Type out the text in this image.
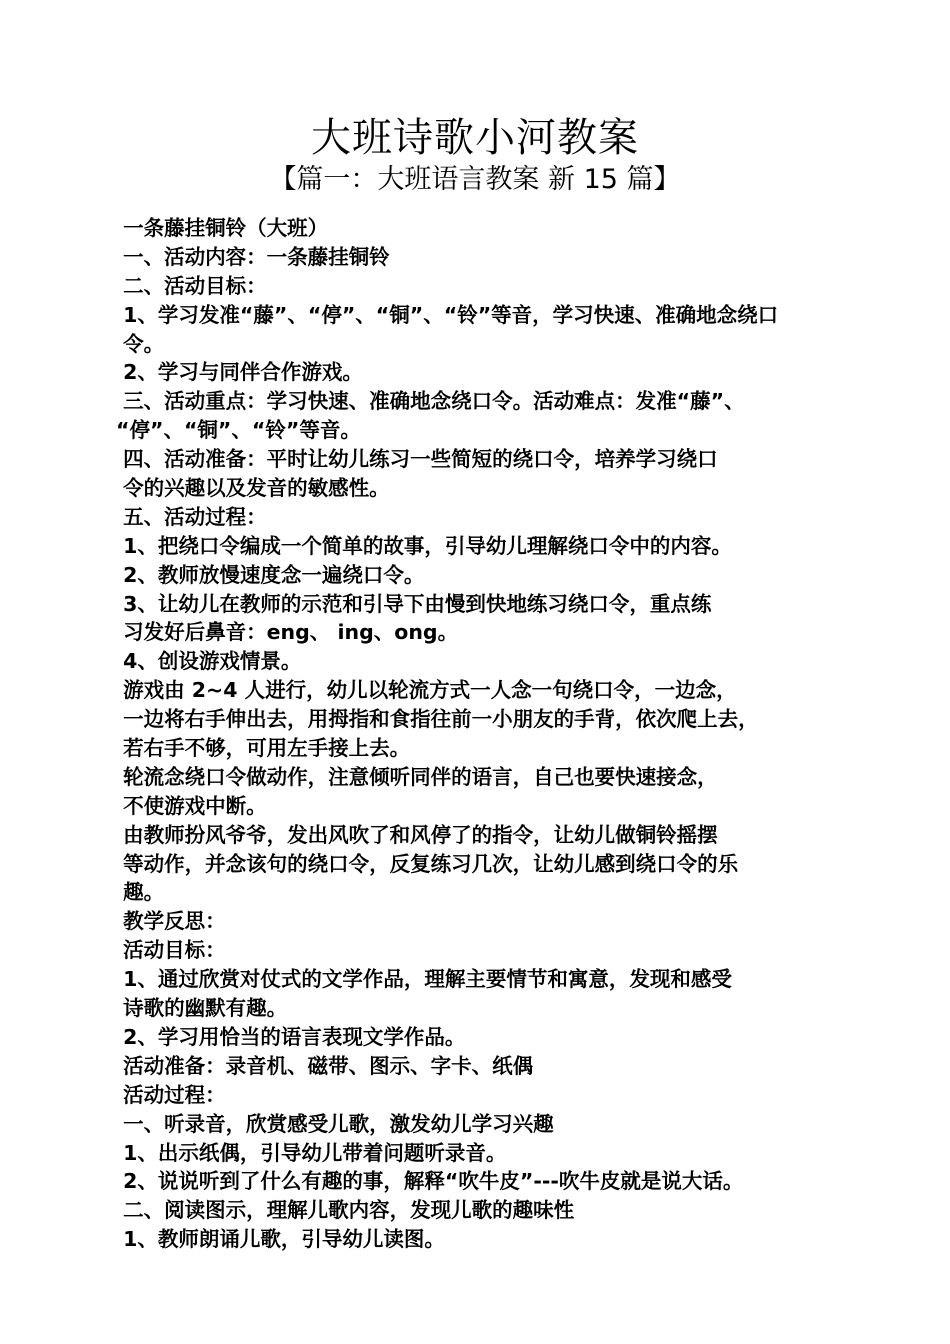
大班诗歌小河教案
【篇一：大班语言教案 新 15 篇】
一条藤挂铜铃（大班）
一、活动内容：一条藤挂铜铃
二、活动目标：
1、学习发准“藤”、“停”、“铜”、“铃”等音，学习快速、准确地念绕口
令。
2、学习与同伴合作游戏。
三、活动重点：学习快速、准确地念绕口令。活动难点：发准“藤”、
“停”、“铜”、“铃”等音。
四、活动准备：平时让幼儿练习一些简短的绕口令，培养学习绕口
令的兴趣以及发音的敏感性。
五、活动过程：
1、把绕口令编成一个简单的故事，引导幼儿理解绕口令中的内容。
2、教师放慢速度念一遍绕口令。
3、让幼儿在教师的示范和引导下由慢到快地练习绕口令，重点练
习发好后鼻音：eng、 ing、ong。
4、创设游戏情景。
游戏由 2~4 人进行，幼儿以轮流方式一人念一句绕口令，一边念，
一边将右手伸出去，用拇指和食指往前一小朋友的手背，依次爬上去，
若右手不够，可用左手接上去。
轮流念绕口令做动作，注意倾听同伴的语言，自己也要快速接念，
不使游戏中断。
由教师扮风爷爷，发出风吹了和风停了的指令，让幼儿做铜铃摇摆
等动作，并念该句的绕口令，反复练习几次，让幼儿感到绕口令的乐
趣。
教学反思：
活动目标：
1、通过欣赏对仗式的文学作品，理解主要情节和寓意，发现和感受
诗歌的幽默有趣。
2、学习用恰当的语言表现文学作品。
活动准备：录音机、磁带、图示、字卡、纸偶
活动过程：
一、听录音，欣赏感受儿歌，激发幼儿学习兴趣
1、出示纸偶，引导幼儿带着问题听录音。
2、说说听到了什么有趣的事，解释“吹牛皮”---吹牛皮就是说大话。
二、阅读图示，理解儿歌内容，发现儿歌的趣味性
1、教师朗诵儿歌，引导幼儿读图。
